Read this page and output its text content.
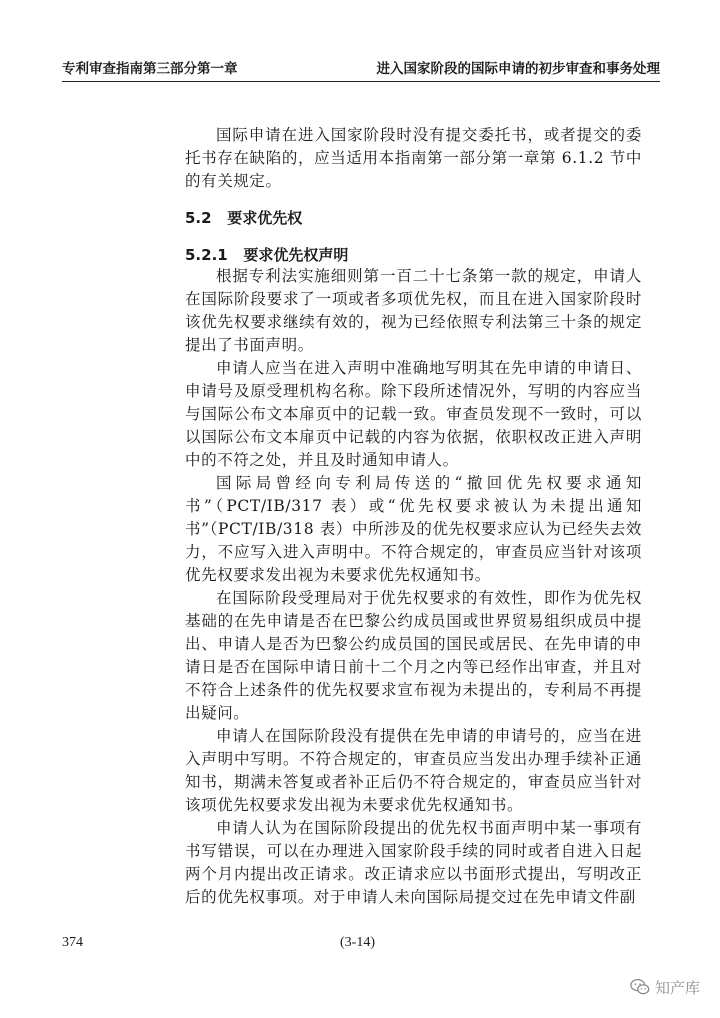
专利审查指南第三部分第一章	进入国家阶段的国际申请的初步审查和事务处理

国际申请在进入国家阶段时没有提交委托书，或者提交的委托书存在缺陷的，应当适用本指南第一部分第一章第 6.1.2 节中的有关规定。

5.2 要求优先权
5.2.1 要求优先权声明

根据专利法实施细则第一百二十七条第一款的规定，申请人在国际阶段要求了一项或者多项优先权，而且在进入国家阶段时该优先权要求继续有效的，视为已经依照专利法第三十条的规定提出了书面声明。

申请人应当在进入声明中准确地写明其在先申请的申请日、申请号及原受理机构名称。除下段所述情况外，写明的内容应当与国际公布文本扉页中的记载一致。审查员发现不一致时，可以以国际公布文本扉页中记载的内容为依据，依职权改正进入声明中的不符之处，并且及时通知申请人。

国际局曾经向专利局传送的“撤回优先权要求通知书”（PCT/IB/317 表）或“优先权要求被认为未提出通知书”（PCT/IB/318 表）中所涉及的优先权要求应认为已经失去效力，不应写入进入声明中。不符合规定的，审查员应当针对该项优先权要求发出视为未要求优先权通知书。

在国际阶段受理局对于优先权要求的有效性，即作为优先权基础的在先申请是否在巴黎公约成员国或世界贸易组织成员中提出、申请人是否为巴黎公约成员国的国民或居民、在先申请的申请日是否在国际申请日前十二个月之内等已经作出审查，并且对不符合上述条件的优先权要求宣布视为未提出的，专利局不再提出疑问。

申请人在国际阶段没有提供在先申请的申请号的，应当在进入声明中写明。不符合规定的，审查员应当发出办理手续补正通知书，期满未答复或者补正后仍不符合规定的，审查员应当针对该项优先权要求发出视为未要求优先权通知书。

申请人认为在国际阶段提出的优先权书面声明中某一事项有书写错误，可以在办理进入国家阶段手续的同时或者自进入日起两个月内提出改正请求。改正请求应以书面形式提出，写明改正后的优先权事项。对于申请人未向国际局提交过在先申请文件副

374	(3-14)
知产库
